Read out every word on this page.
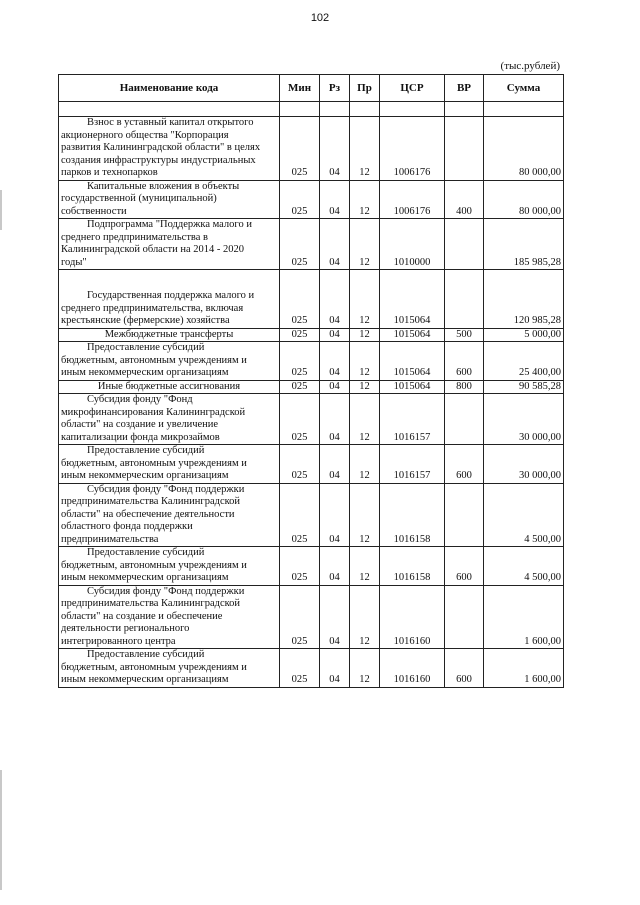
102
(тыс.рублей)
Наименование кода	Мин	Рз	Пр	ЦСР	ВР	Сумма

Взнос в уставный капитал открытого
акционерного общества "Корпорация
развития Калининградской области" в целях
создания инфраструктуры индустриальных
парков и технопарков	025	04	12	1006176		80 000,00

Капитальные вложения в объекты
государственной (муниципальной)
собственности	025	04	12	1006176	400	80 000,00

Подпрограмма "Поддержка малого и
среднего предпринимательства в
Калининградской области на 2014 - 2020
годы"	025	04	12	1010000		185 985,28

Государственная поддержка малого и
среднего предпринимательства, включая
крестьянские (фермерские) хозяйства	025	04	12	1015064		120 985,28

Межбюджетные трансферты	025	04	12	1015064	500	5 000,00

Предоставление субсидий
бюджетным, автономным учреждениям и
иным некоммерческим организациям	025	04	12	1015064	600	25 400,00

Иные бюджетные ассигнования	025	04	12	1015064	800	90 585,28

Субсидия фонду "Фонд
микрофинансирования Калининградской
области" на создание и увеличение
капитализации фонда микрозаймов	025	04	12	1016157		30 000,00

Предоставление субсидий
бюджетным, автономным учреждениям и
иным некоммерческим организациям	025	04	12	1016157	600	30 000,00

Субсидия фонду "Фонд поддержки
предпринимательства Калининградской
области" на обеспечение деятельности
областного фонда поддержки
предпринимательства	025	04	12	1016158		4 500,00

Предоставление субсидий
бюджетным, автономным учреждениям и
иным некоммерческим организациям	025	04	12	1016158	600	4 500,00

Субсидия фонду "Фонд поддержки
предпринимательства Калининградской
области" на создание и обеспечение
деятельности регионального
интегрированного центра	025	04	12	1016160		1 600,00

Предоставление субсидий
бюджетным, автономным учреждениям и
иным некоммерческим организациям	025	04	12	1016160	600	1 600,00
